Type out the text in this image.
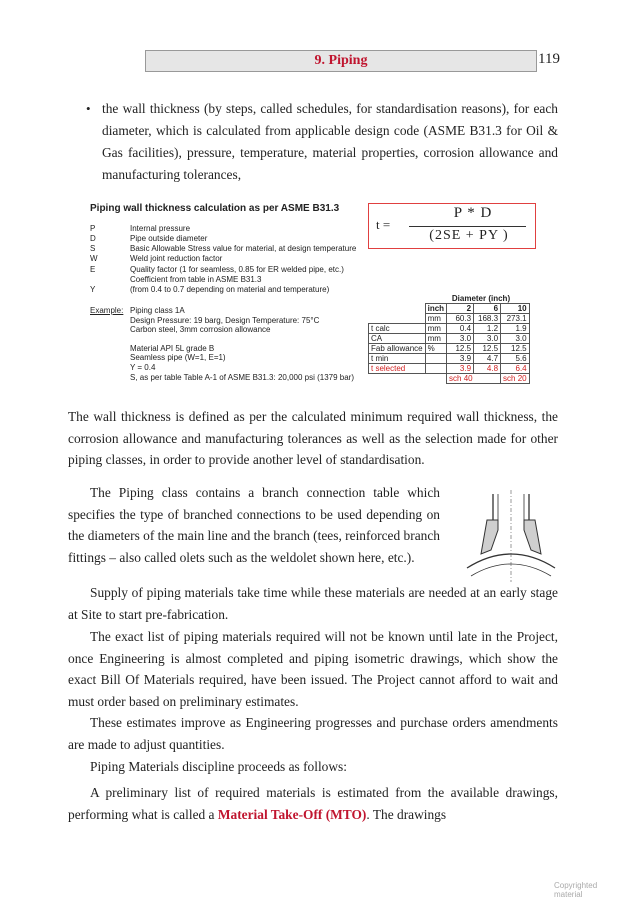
9. Piping	119
• the wall thickness (by steps, called schedules, for standardisation reasons), for each diameter, which is calculated from applicable design code (ASME B31.3 for Oil & Gas facilities), pressure, temperature, material properties, corrosion allowance and manufacturing tolerances,
Piping wall thickness calculation as per ASME B31.3
t =
P * D
(2SE + PY )
P	Internal pressure
D	Pipe outside diameter
S	Basic Allowable Stress value for material, at design temperature
W	Weld joint reduction factor
E	Quality factor (1 for seamless, 0.85 for ER welded pipe, etc.)
Coefficient from table in ASME B31.3
Y	(from 0.4 to 0.7 depending on material and temperature)
Example: Piping class 1A
Design Pressure: 19 barg, Design Temperature: 75°C
Carbon steel, 3mm corrosion allowance
Material API 5L grade B
Seamless pipe (W=1, E=1)
Y = 0.4
S, as per table Table A-1 of ASME B31.3: 20,000 psi (1379 bar)
Diameter (inch)
	inch	2	6	10
	mm	60.3	168.3	273.1
t calc	mm	0.4	1.2	1.9
CA	mm	3.0	3.0	3.0
Fab allowance	%	12.5	12.5	12.5
t min		3.9	4.7	5.6
t selected		3.9	4.8	6.4
		sch 40		sch 20

The wall thickness is defined as per the calculated minimum required wall thickness, the corrosion allowance and manufacturing tolerances as well as the selection made for other piping classes, in order to provide another level of standardisation.

The Piping class contains a branch connection table which specifies the type of branched connections to be used depending on the diameters of the main line and the branch (tees, reinforced branch fittings – also called olets such as the weldolet shown here, etc.).

Supply of piping materials take time while these materials are needed at an early stage at Site to start pre-fabrication.

The exact list of piping materials required will not be known until late in the Project, once Engineering is almost completed and piping isometric drawings, which show the exact Bill Of Materials required, have been issued. The Project cannot afford to wait and must order based on preliminary estimates.

These estimates improve as Engineering progresses and purchase orders amendments are made to adjust quantities.

Piping Materials discipline proceeds as follows:

A preliminary list of required materials is estimated from the available drawings, performing what is called a Material Take-Off (MTO). The drawings

Copyrighted material
